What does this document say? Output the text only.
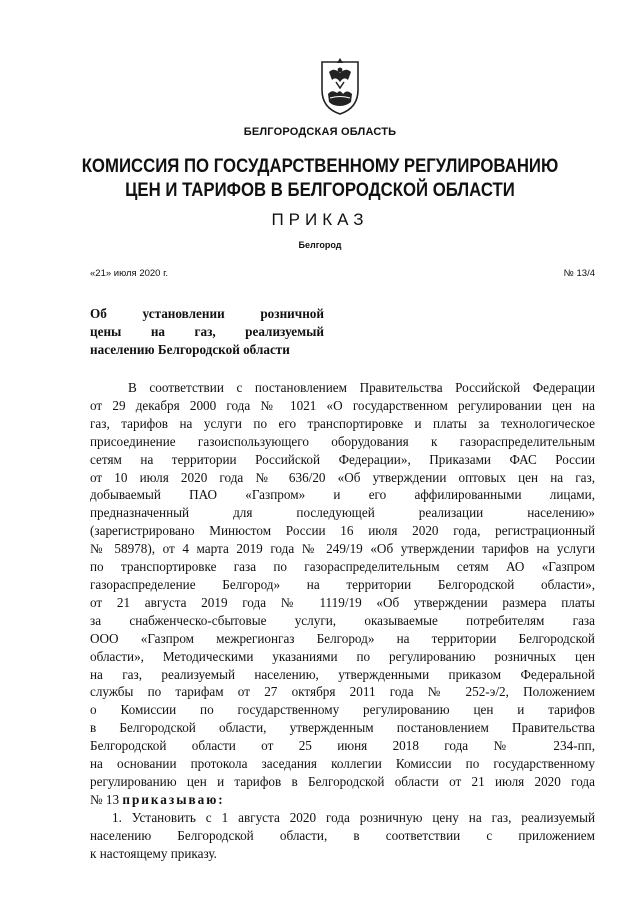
БЕЛГОРОДСКАЯ ОБЛАСТЬ
КОМИССИЯ ПО ГОСУДАРСТВЕННОМУ РЕГУЛИРОВАНИЮ
ЦЕН И ТАРИФОВ В БЕЛГОРОДСКОЙ ОБЛАСТИ
ПРИКАЗ
Белгород
«21» июля 2020 г.	№ 13/4
Об установлении розничной
цены на газ, реализуемый
населению Белгородской области
В соответствии с постановлением Правительства Российской Федерации
от 29 декабря 2000 года № 1021 «О государственном регулировании цен на
газ, тарифов на услуги по его транспортировке и платы за технологическое
присоединение газоиспользующего оборудования к газораспределительным
сетям на территории Российской Федерации», Приказами ФАС России
от 10 июля 2020 года № 636/20 «Об утверждении оптовых цен на газ,
добываемый ПАО «Газпром» и его аффилированными лицами,
предназначенный для последующей реализации населению»
(зарегистрировано Минюстом России 16 июля 2020 года, регистрационный
№ 58978), от 4 марта 2019 года № 249/19 «Об утверждении тарифов на услуги
по транспортировке газа по газораспределительным сетям АО «Газпром
газораспределение Белгород» на территории Белгородской области»,
от 21 августа 2019 года № 1119/19 «Об утверждении размера платы
за снабженческо-сбытовые услуги, оказываемые потребителям газа
ООО «Газпром межрегионгаз Белгород» на территории Белгородской
области», Методическими указаниями по регулированию розничных цен
на газ, реализуемый населению, утвержденными приказом Федеральной
службы по тарифам от 27 октября 2011 года № 252-э/2, Положением
о Комиссии по государственному регулированию цен и тарифов
в Белгородской области, утвержденным постановлением Правительства
Белгородской области от 25 июня 2018 года № 234-пп,
на основании протокола заседания коллегии Комиссии по государственному
регулированию цен и тарифов в Белгородской области от 21 июля 2020 года
№ 13 приказываю:
1. Установить с 1 августа 2020 года розничную цену на газ, реализуемый
населению Белгородской области, в соответствии с приложением
к настоящему приказу.
